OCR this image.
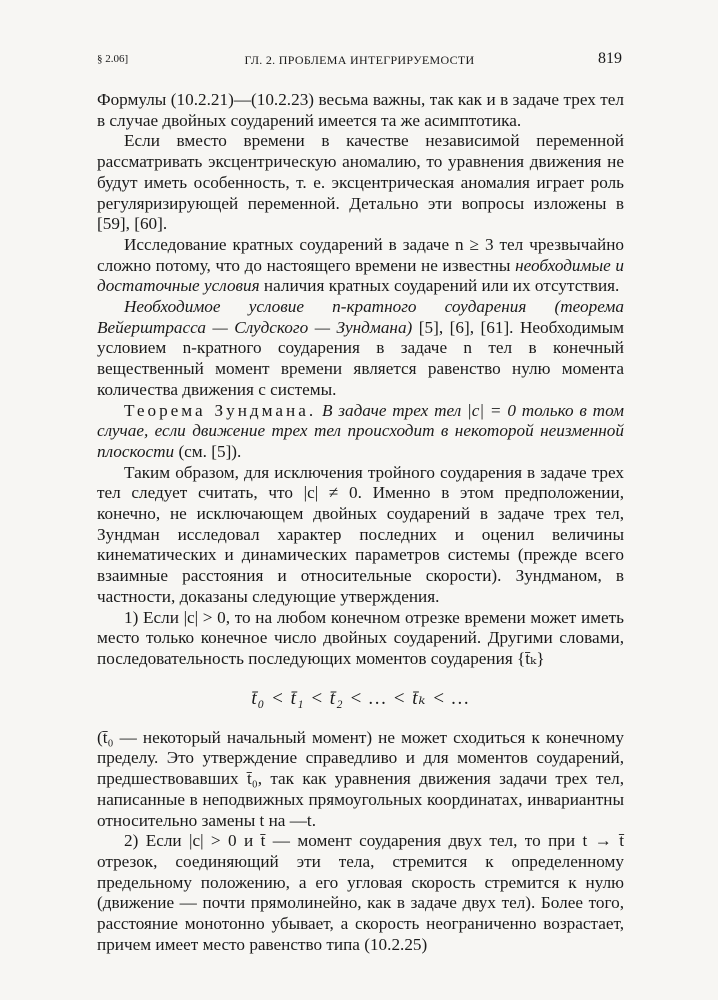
§ 2.06]	ГЛ. 2. ПРОБЛЕМА ИНТЕГРИРУЕМОСТИ	819

Формулы (10.2.21)—(10.2.23) весьма важны, так как и в задаче трех тел в случае двойных соударений имеется та же асимптотика.

Если вместо времени в качестве независимой переменной рассматривать эксцентрическую аномалию, то уравнения движения не будут иметь особенность, т. е. эксцентрическая аномалия играет роль регуляризирующей переменной. Детально эти вопросы изложены в [59], [60].

Исследование кратных соударений в задаче n ≥ 3 тел чрезвычайно сложно потому, что до настоящего времени не известны необходимые и достаточные условия наличия кратных соударений или их отсутствия.

Необходимое условие n-кратного соударения (теорема Вейерштрасса — Слудского — Зундмана) [5], [6], [61]. Необходимым условием n-кратного соударения в задаче n тел в конечный вещественный момент времени является равенство нулю момента количества движения c системы.

Теорема Зундмана. В задаче трех тел |c| = 0 только в том случае, если движение трех тел происходит в некоторой неизменной плоскости (см. [5]).

Таким образом, для исключения тройного соударения в задаче трех тел следует считать, что |c| ≠ 0. Именно в этом предположении, конечно, не исключающем двойных соударений в задаче трех тел, Зундман исследовал характер последних и оценил величины кинематических и динамических параметров системы (прежде всего взаимные расстояния и относительные скорости). Зундманом, в частности, доказаны следующие утверждения.

1) Если |c| > 0, то на любом конечном отрезке времени может иметь место только конечное число двойных соударений. Другими словами, последовательность последующих моментов соударения {t̄ₖ}

t̄₀ < t̄₁ < t̄₂ < … < t̄ₖ < …

(t̄₀ — некоторый начальный момент) не может сходиться к конечному пределу. Это утверждение справедливо и для моментов соударений, предшествовавших t̄₀, так как уравнения движения задачи трех тел, написанные в неподвижных прямоугольных координатах, инвариантны относительно замены t на —t.

2) Если |c| > 0 и t̄ — момент соударения двух тел, то при t → t̄ отрезок, соединяющий эти тела, стремится к определенному предельному положению, а его угловая скорость стремится к нулю (движение — почти прямолинейно, как в задаче двух тел). Более того, расстояние монотонно убывает, а скорость неограниченно возрастает, причем имеет место равенство типа (10.2.25)
